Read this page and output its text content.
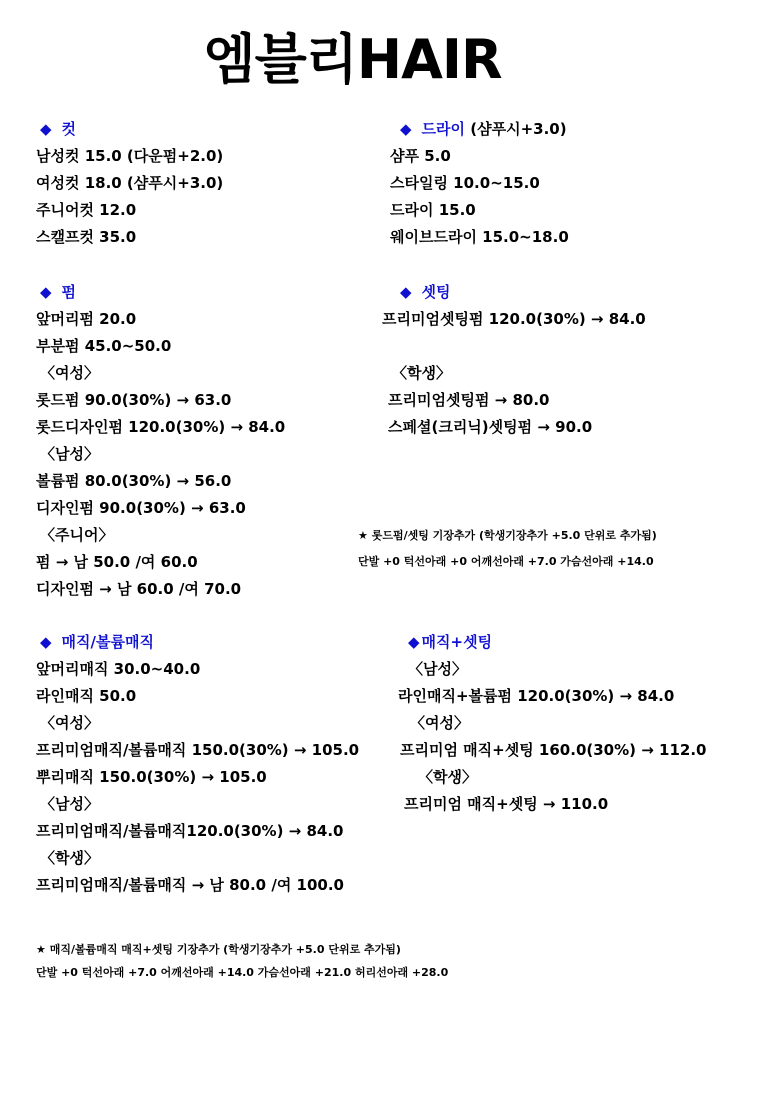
엠블리HAIR
◆ 컷
남성컷 15.0 (다운펌+2.0)
여성컷 18.0 (샴푸시+3.0)
주니어컷 12.0
스캘프컷 35.0
◆ 드라이 (샴푸시+3.0)
샴푸 5.0
스타일링 10.0~15.0
드라이 15.0
웨이브드라이 15.0~18.0
◆ 펌
앞머리펌 20.0
부분펌 45.0~50.0
〈여성〉
롯드펌 90.0(30%) → 63.0
롯드디자인펌 120.0(30%) → 84.0
〈남성〉
볼륨펌 80.0(30%) → 56.0
디자인펌 90.0(30%) → 63.0
〈주니어〉
펌 → 남 50.0 /여 60.0
디자인펌 → 남 60.0 /여 70.0
◆ 셋팅
프리미엄셋팅펌 120.0(30%) → 84.0
〈학생〉
프리미엄셋팅펌 → 80.0
스페셜(크리닉)셋팅펌 → 90.0
★ 롯드펌/셋팅 기장추가 (학생기장추가 +5.0 단위로 추가됨)
단발 +0 턱선아래 +0 어깨선아래 +7.0 가슴선아래 +14.0
◆ 매직/볼륨매직
앞머리매직 30.0~40.0
라인매직 50.0
〈여성〉
프리미엄매직/볼륨매직 150.0(30%) → 105.0
뿌리매직 150.0(30%) → 105.0
〈남성〉
프리미엄매직/볼륨매직120.0(30%) → 84.0
〈학생〉
프리미엄매직/볼륨매직 → 남 80.0 /여 100.0
◆ 매직+셋팅
〈남성〉
라인매직+볼륨펌 120.0(30%) → 84.0
〈여성〉
프리미엄 매직+셋팅 160.0(30%) → 112.0
〈학생〉
프리미엄 매직+셋팅 → 110.0
★ 매직/볼륨매직 매직+셋팅 기장추가 (학생기장추가 +5.0 단위로 추가됨)
단발 +0 턱선아래 +7.0 어깨선아래 +14.0 가슴선아래 +21.0 허리선아래 +28.0
